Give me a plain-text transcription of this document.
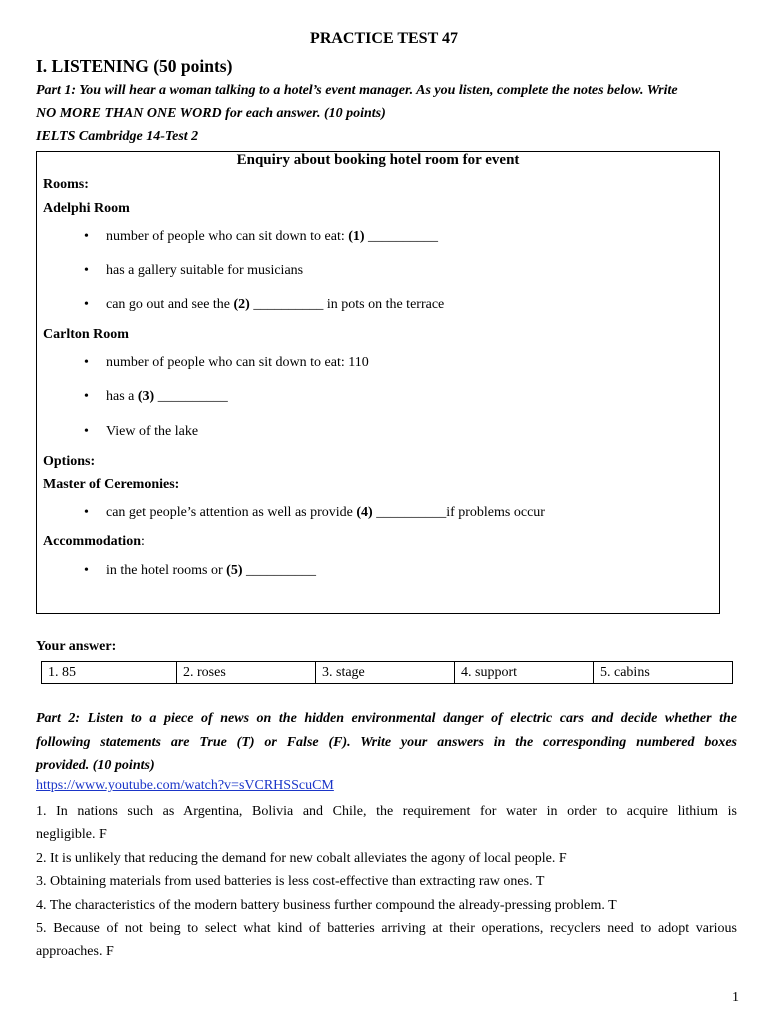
PRACTICE TEST 47
I. LISTENING (50 points)
Part 1: You will hear a woman talking to a hotel’s event manager. As you listen, complete the notes below. Write
NO MORE THAN ONE WORD for each answer. (10 points)
IELTS Cambridge 14-Test 2
Enquiry about booking hotel room for event
Rooms:
Adelphi Room
• number of people who can sit down to eat: (1) __________
• has a gallery suitable for musicians
• can go out and see the (2) __________ in pots on the terrace
Carlton Room
• number of people who can sit down to eat: 110
• has a (3) __________
• View of the lake
Options:
Master of Ceremonies:
• can get people’s attention as well as provide (4) __________if problems occur
Accommodation:
• in the hotel rooms or (5) __________
Your answer:
1. 85	2. roses	3. stage	4. support	5. cabins
Part 2: Listen to a piece of news on the hidden environmental danger of electric cars and decide whether the
following statements are True (T) or False (F). Write your answers in the corresponding numbered boxes
provided. (10 points)
https://www.youtube.com/watch?v=sVCRHSScuCM
1. In nations such as Argentina, Bolivia and Chile, the requirement for water in order to acquire lithium is
negligible. F
2. It is unlikely that reducing the demand for new cobalt alleviates the agony of local people. F
3. Obtaining materials from used batteries is less cost-effective than extracting raw ones. T
4. The characteristics of the modern battery business further compound the already-pressing problem. T
5. Because of not being to select what kind of batteries arriving at their operations, recyclers need to adopt various
approaches. F
1
